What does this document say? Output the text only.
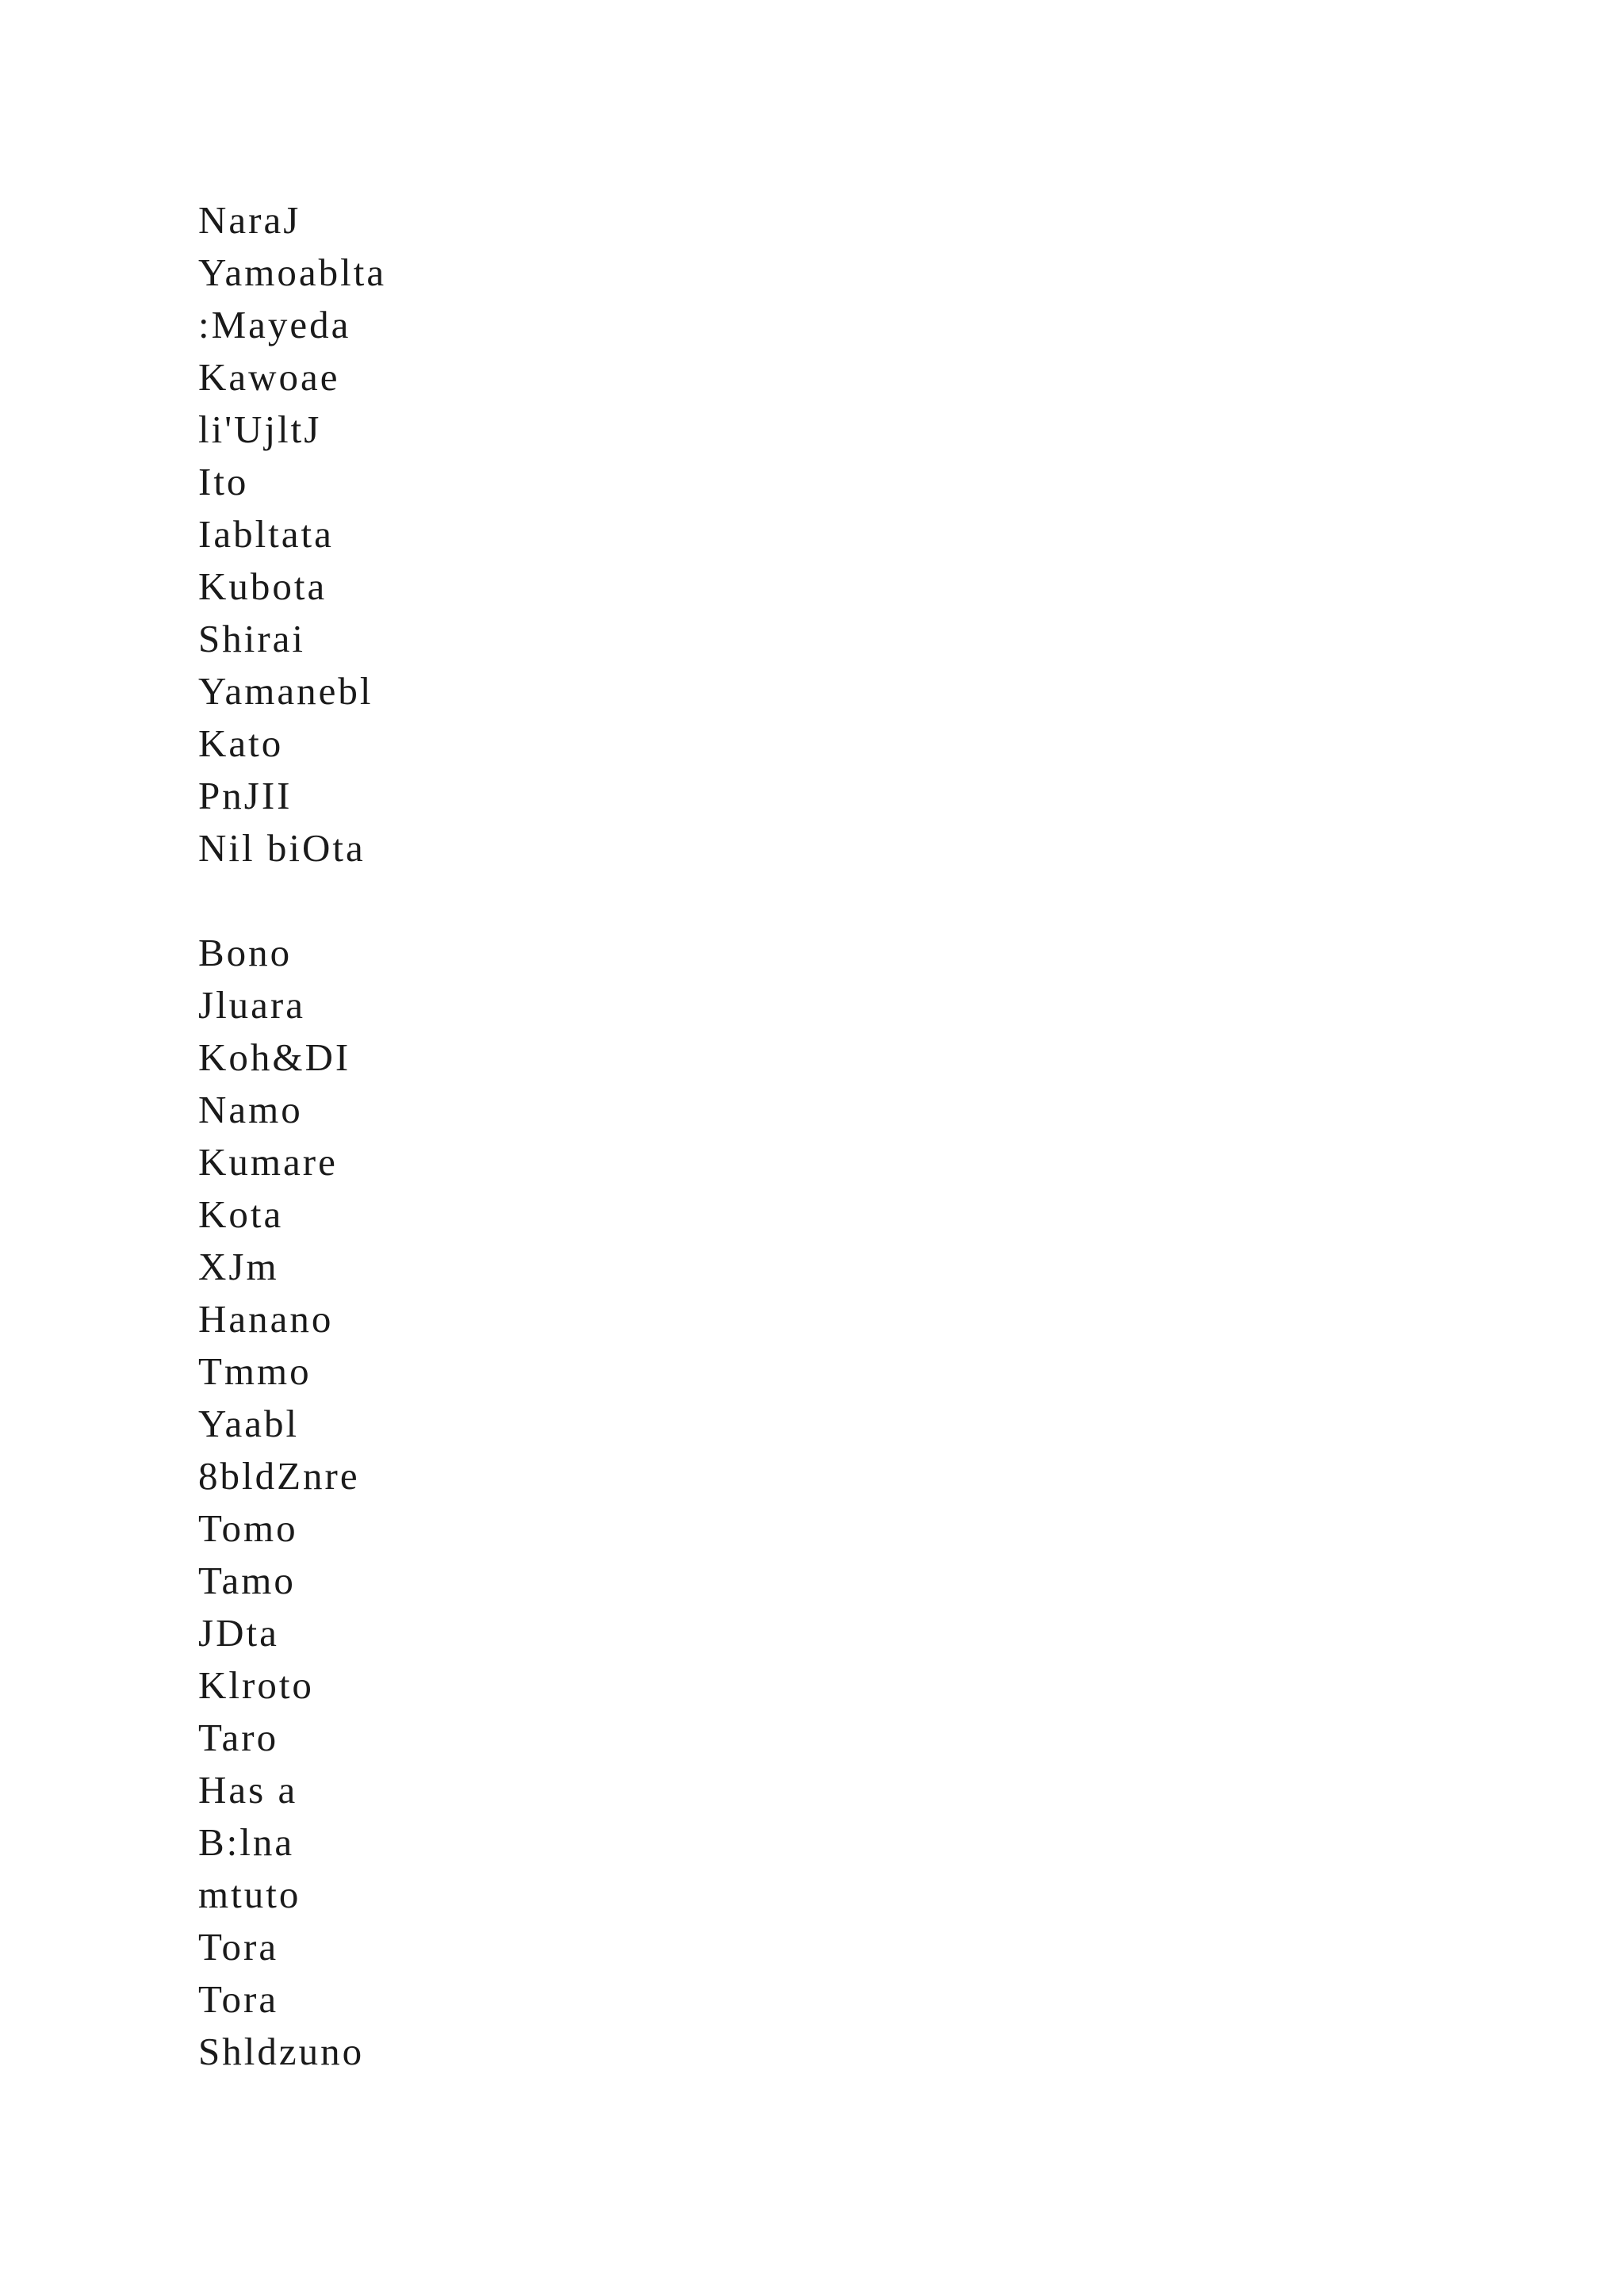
NaraJ
Yamoablta
:Mayeda
Kawoae
li'UjltJ
Ito
Iabltata
Kubota
Shirai
Yamanebl
Kato
PnJII
Nil biOta
Bono
Jluara
Koh&DI
Namo
Kumare
Kota
XJm
Hanano
Tmmo
Yaabl
8bldZnre
Tomo
Tamo
JDta
Klroto
Taro
Has a
B:lna
mtuto
Tora
Tora
Shldzuno
